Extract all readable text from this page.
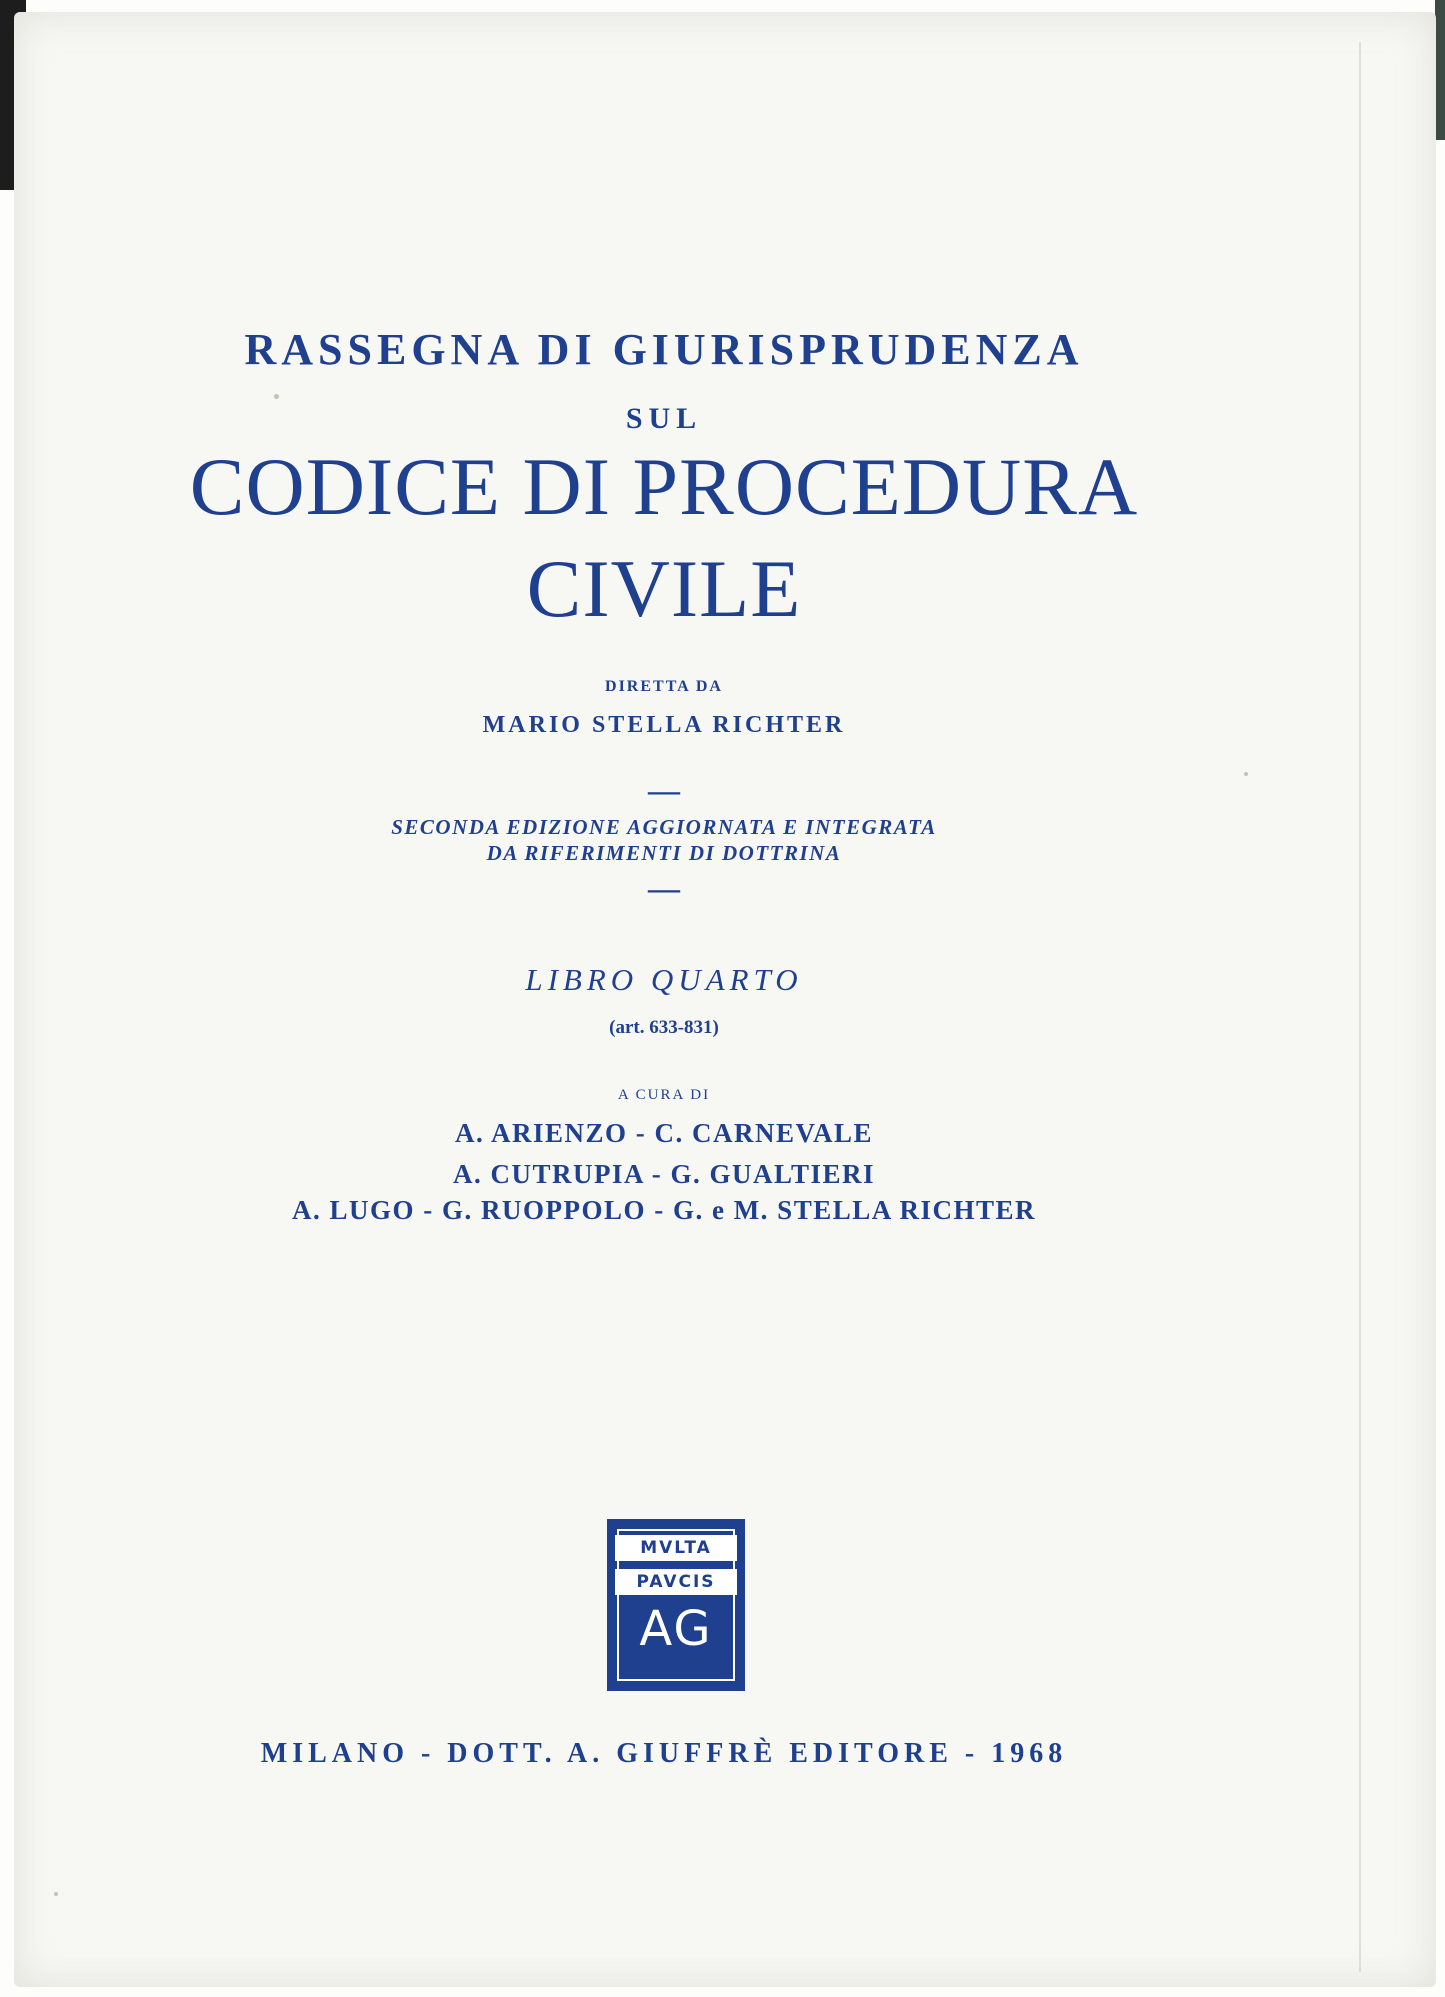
RASSEGNA DI GIURISPRUDENZA
SUL
CODICE DI PROCEDURA
CIVILE
DIRETTA DA
MARIO STELLA RICHTER
—
SECONDA EDIZIONE AGGIORNATA E INTEGRATA
DA RIFERIMENTI DI DOTTRINA
—
LIBRO QUARTO
(art. 633-831)
A CURA DI
A. ARIENZO - C. CARNEVALE
A. CUTRUPIA - G. GUALTIERI
A. LUGO - G. RUOPPOLO - G. e M. STELLA RICHTER
MVLTA
PAVCIS
AG
MILANO - DOTT. A. GIUFFRÈ EDITORE - 1968
